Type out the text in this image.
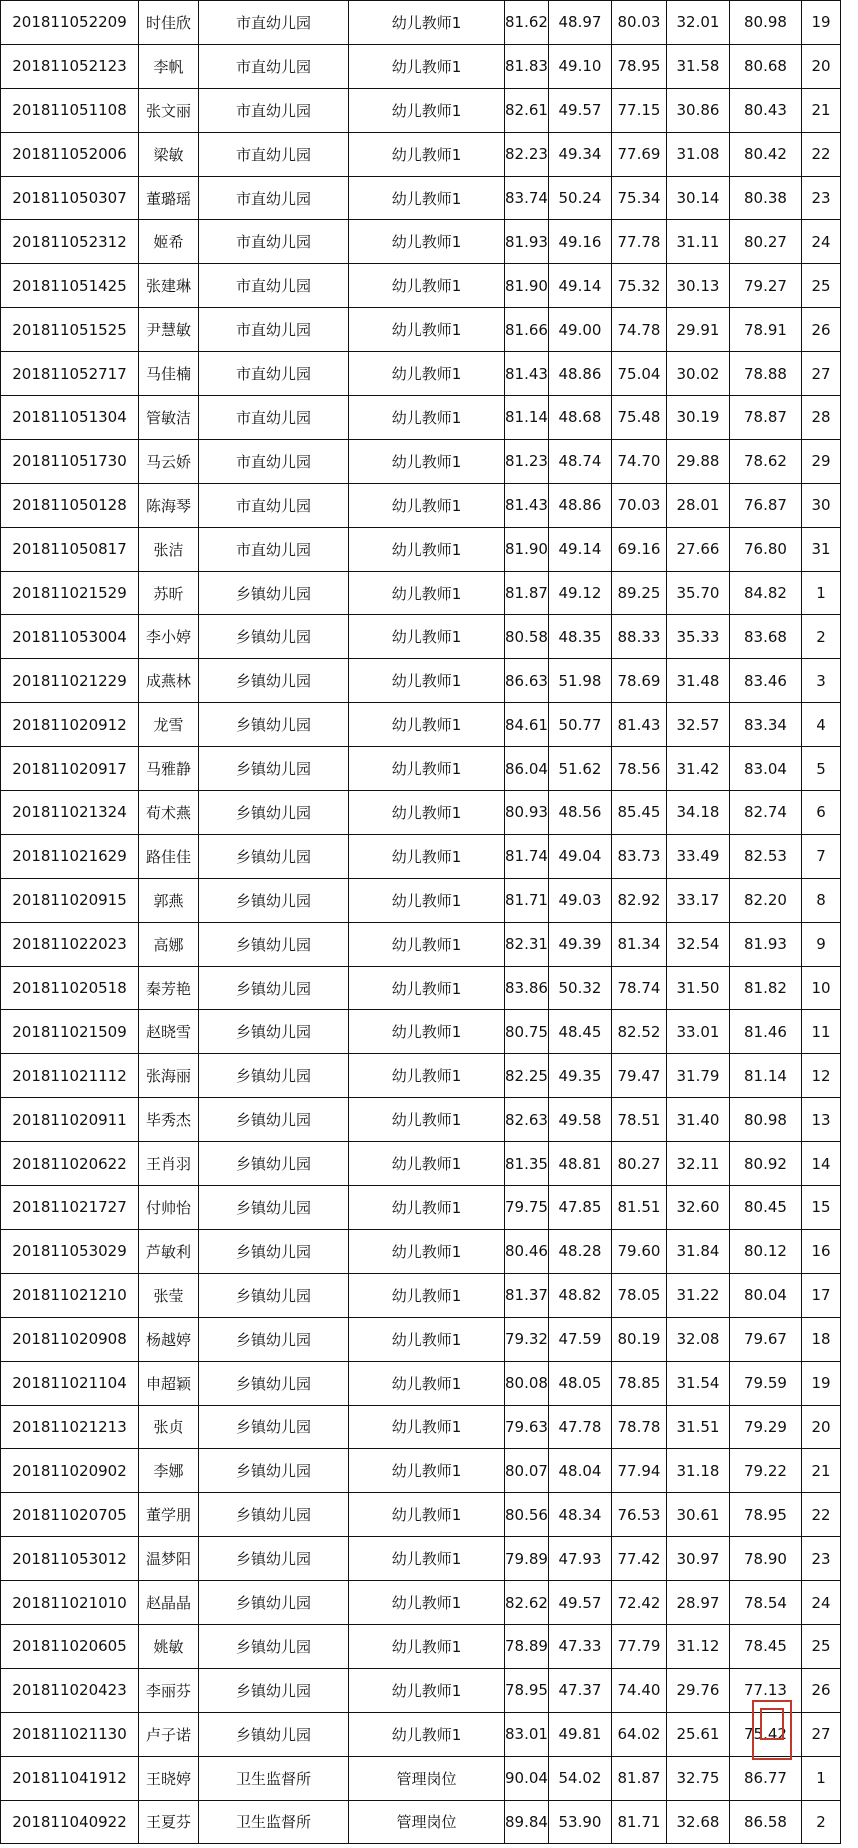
201811052209	时佳欣	市直幼儿园	幼儿教师1	81.62	48.97	80.03	32.01	80.98	19
201811052123	李帆	市直幼儿园	幼儿教师1	81.83	49.10	78.95	31.58	80.68	20
201811051108	张文丽	市直幼儿园	幼儿教师1	82.61	49.57	77.15	30.86	80.43	21
201811052006	梁敏	市直幼儿园	幼儿教师1	82.23	49.34	77.69	31.08	80.42	22
201811050307	董璐瑶	市直幼儿园	幼儿教师1	83.74	50.24	75.34	30.14	80.38	23
201811052312	姬希	市直幼儿园	幼儿教师1	81.93	49.16	77.78	31.11	80.27	24
201811051425	张建琳	市直幼儿园	幼儿教师1	81.90	49.14	75.32	30.13	79.27	25
201811051525	尹慧敏	市直幼儿园	幼儿教师1	81.66	49.00	74.78	29.91	78.91	26
201811052717	马佳楠	市直幼儿园	幼儿教师1	81.43	48.86	75.04	30.02	78.88	27
201811051304	管敏洁	市直幼儿园	幼儿教师1	81.14	48.68	75.48	30.19	78.87	28
201811051730	马云娇	市直幼儿园	幼儿教师1	81.23	48.74	74.70	29.88	78.62	29
201811050128	陈海琴	市直幼儿园	幼儿教师1	81.43	48.86	70.03	28.01	76.87	30
201811050817	张洁	市直幼儿园	幼儿教师1	81.90	49.14	69.16	27.66	76.80	31
201811021529	苏昕	乡镇幼儿园	幼儿教师1	81.87	49.12	89.25	35.70	84.82	1
201811053004	李小婷	乡镇幼儿园	幼儿教师1	80.58	48.35	88.33	35.33	83.68	2
201811021229	成燕林	乡镇幼儿园	幼儿教师1	86.63	51.98	78.69	31.48	83.46	3
201811020912	龙雪	乡镇幼儿园	幼儿教师1	84.61	50.77	81.43	32.57	83.34	4
201811020917	马雅静	乡镇幼儿园	幼儿教师1	86.04	51.62	78.56	31.42	83.04	5
201811021324	荀术燕	乡镇幼儿园	幼儿教师1	80.93	48.56	85.45	34.18	82.74	6
201811021629	路佳佳	乡镇幼儿园	幼儿教师1	81.74	49.04	83.73	33.49	82.53	7
201811020915	郭燕	乡镇幼儿园	幼儿教师1	81.71	49.03	82.92	33.17	82.20	8
201811022023	高娜	乡镇幼儿园	幼儿教师1	82.31	49.39	81.34	32.54	81.93	9
201811020518	秦芳艳	乡镇幼儿园	幼儿教师1	83.86	50.32	78.74	31.50	81.82	10
201811021509	赵晓雪	乡镇幼儿园	幼儿教师1	80.75	48.45	82.52	33.01	81.46	11
201811021112	张海丽	乡镇幼儿园	幼儿教师1	82.25	49.35	79.47	31.79	81.14	12
201811020911	毕秀杰	乡镇幼儿园	幼儿教师1	82.63	49.58	78.51	31.40	80.98	13
201811020622	王肖羽	乡镇幼儿园	幼儿教师1	81.35	48.81	80.27	32.11	80.92	14
201811021727	付帅怡	乡镇幼儿园	幼儿教师1	79.75	47.85	81.51	32.60	80.45	15
201811053029	芦敏利	乡镇幼儿园	幼儿教师1	80.46	48.28	79.60	31.84	80.12	16
201811021210	张莹	乡镇幼儿园	幼儿教师1	81.37	48.82	78.05	31.22	80.04	17
201811020908	杨越婷	乡镇幼儿园	幼儿教师1	79.32	47.59	80.19	32.08	79.67	18
201811021104	申超颖	乡镇幼儿园	幼儿教师1	80.08	48.05	78.85	31.54	79.59	19
201811021213	张贞	乡镇幼儿园	幼儿教师1	79.63	47.78	78.78	31.51	79.29	20
201811020902	李娜	乡镇幼儿园	幼儿教师1	80.07	48.04	77.94	31.18	79.22	21
201811020705	董学朋	乡镇幼儿园	幼儿教师1	80.56	48.34	76.53	30.61	78.95	22
201811053012	温梦阳	乡镇幼儿园	幼儿教师1	79.89	47.93	77.42	30.97	78.90	23
201811021010	赵晶晶	乡镇幼儿园	幼儿教师1	82.62	49.57	72.42	28.97	78.54	24
201811020605	姚敏	乡镇幼儿园	幼儿教师1	78.89	47.33	77.79	31.12	78.45	25
201811020423	李丽芬	乡镇幼儿园	幼儿教师1	78.95	47.37	74.40	29.76	77.13	26
201811021130	卢子诺	乡镇幼儿园	幼儿教师1	83.01	49.81	64.02	25.61	75.42	27
201811041912	王晓婷	卫生监督所	管理岗位	90.04	54.02	81.87	32.75	86.77	1
201811040922	王夏芬	卫生监督所	管理岗位	89.84	53.90	81.71	32.68	86.58	2
